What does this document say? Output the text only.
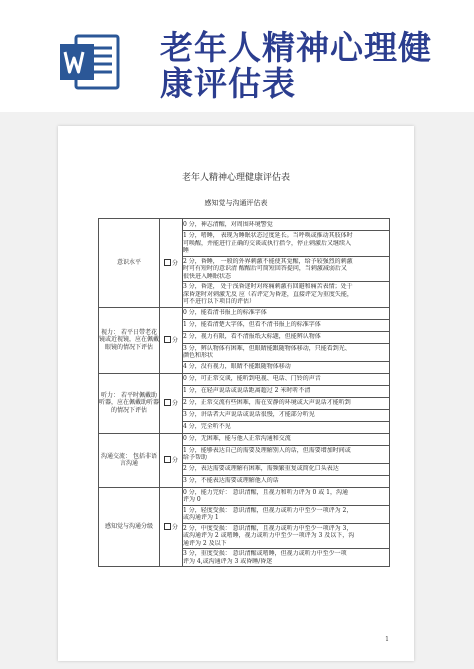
老年人精神心理健
康评估表
老年人精神心理健康评估表
感知觉与沟通评估表
意识水平	分	0 分，神志清醒，对周围环境警觉

		1 分，嗜睡， 表现为睡眠状态过度延长。当呼唤或推动其肢体时
可唤醒，并能进行正确的交谈或执行指令，停止刺激后又继续入
睡

		2 分，昏睡， 一般的外界刺激不能使其觉醒，给予较强烈的刺激
时可有短时的意识清 醒醒后可简短回答提问，当刺激减弱后又
很快进入睡眠状态

		3 分，昏迷， 处于浅昏迷时对疼痛刺激有回避和痛苦表情；处于
深昏迷时对刺激无反 应（若评定为昏迷，直接评定为重度失能，
可不进行以下项目的评估）

视力： 若平日带老花镜或近视镜，应在佩戴眼镜的情况下评估	分	0 分，能看清书报上的标准字体

		1 分，能看清楚大字体，但看不清书报上的标准字体

		2 分，视力有限，看不清报纸大标题，但能辨认物体

		3 分，辨认物体有困难，但眼睛能跟随物体移动，只能看到光、
颜色和形状

		4 分，没有视力，眼睛不能跟随物体移动

听力： 若平时佩戴助听器，应在佩戴助听器的情况下评估	分	0 分，可正常交谈，能听到电视、电话、门铃的声音

		1 分，在轻声说话或说话距离超过 2 米时听不清

		2 分，正常交流有些困难，需在安静的环境或大声说话才能听到

		3 分，讲话者大声说话或说话很慢，才能部分听见

		4 分，完全听不见

沟通交流： 包括非语言沟通	分	0 分，无困难，能与他人正常沟通和交流

		1 分，能够表达自己的需要及理解别人的话，但需要增加时间或
给予帮助

		2 分，表达需要或理解有困难，需频繁重复或简化口头表达

		3 分，不能表达需要或理解他人的话

感知觉与沟通分级	分	0 分，能力完好： 意识清醒，且视力和听力评为 0 或 1，沟通
评为 0

		1 分，轻度受损： 意识清醒，但视力或听力中至少一项评为 2，
或沟通评为 1

		2 分，中度受损： 意识清醒，且视力或听力中至少一项评为 3，
或沟通评为 2 或嗜睡，视力或听力中至少一项评为 3 及以下，沟
通评为 2 及以下

		3 分，重度受损： 意识清醒或嗜睡，但视力或听力中至少一项
评为 4,或沟通评为 3 或昏睡/昏迷
1
